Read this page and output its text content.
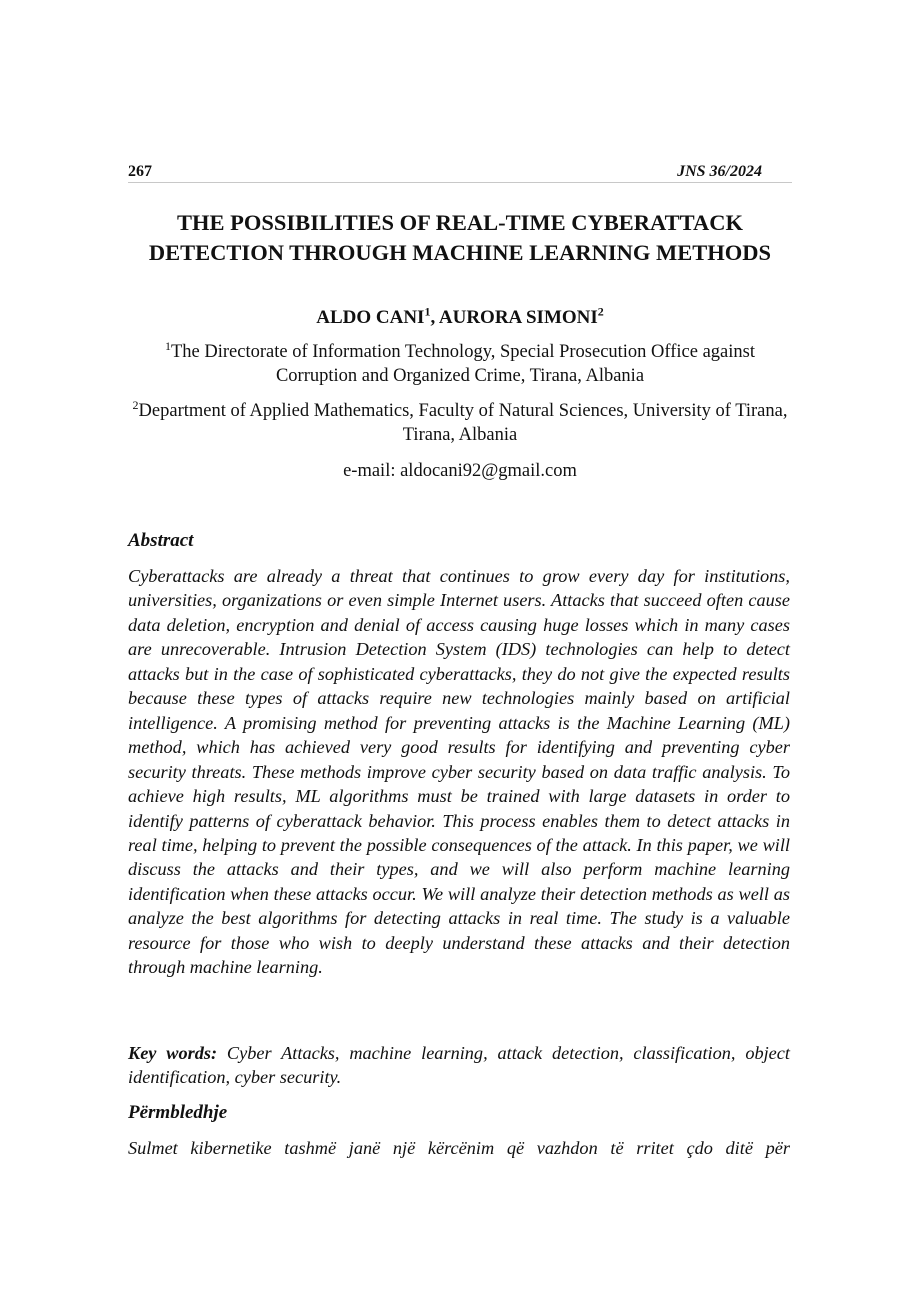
267	JNS 36/2024
THE POSSIBILITIES OF REAL-TIME CYBERATTACK DETECTION THROUGH MACHINE LEARNING METHODS
ALDO CANI$^1$, AURORA SIMONI$^2$
$^1$The Directorate of Information Technology, Special Prosecution Office against Corruption and Organized Crime, Tirana, Albania
$^2$Department of Applied Mathematics, Faculty of Natural Sciences, University of Tirana, Tirana, Albania
e-mail: aldocani92@gmail.com
Abstract

Cyberattacks are already a threat that continues to grow every day for institutions, universities, organizations or even simple Internet users. Attacks that succeed often cause data deletion, encryption and denial of access causing huge losses which in many cases are unrecoverable. Intrusion Detection System (IDS) technologies can help to detect attacks but in the case of sophisticated cyberattacks, they do not give the expected results because these types of attacks require new technologies mainly based on artificial intelligence. A promising method for preventing attacks is the Machine Learning (ML) method, which has achieved very good results for identifying and preventing cyber security threats. These methods improve cyber security based on data traffic analysis. To achieve high results, ML algorithms must be trained with large datasets in order to identify patterns of cyberattack behavior. This process enables them to detect attacks in real time, helping to prevent the possible consequences of the attack. In this paper, we will discuss the attacks and their types, and we will also perform machine learning identification when these attacks occur. We will analyze their detection methods as well as analyze the best algorithms for detecting attacks in real time. The study is a valuable resource for those who wish to deeply understand these attacks and their detection through machine learning.

Key words: Cyber Attacks, machine learning, attack detection, classification, object identification, cyber security.

Përmbledhje

Sulmet kibernetike tashmë janë një kërcënim që vazhdon të rritet çdo ditë për
